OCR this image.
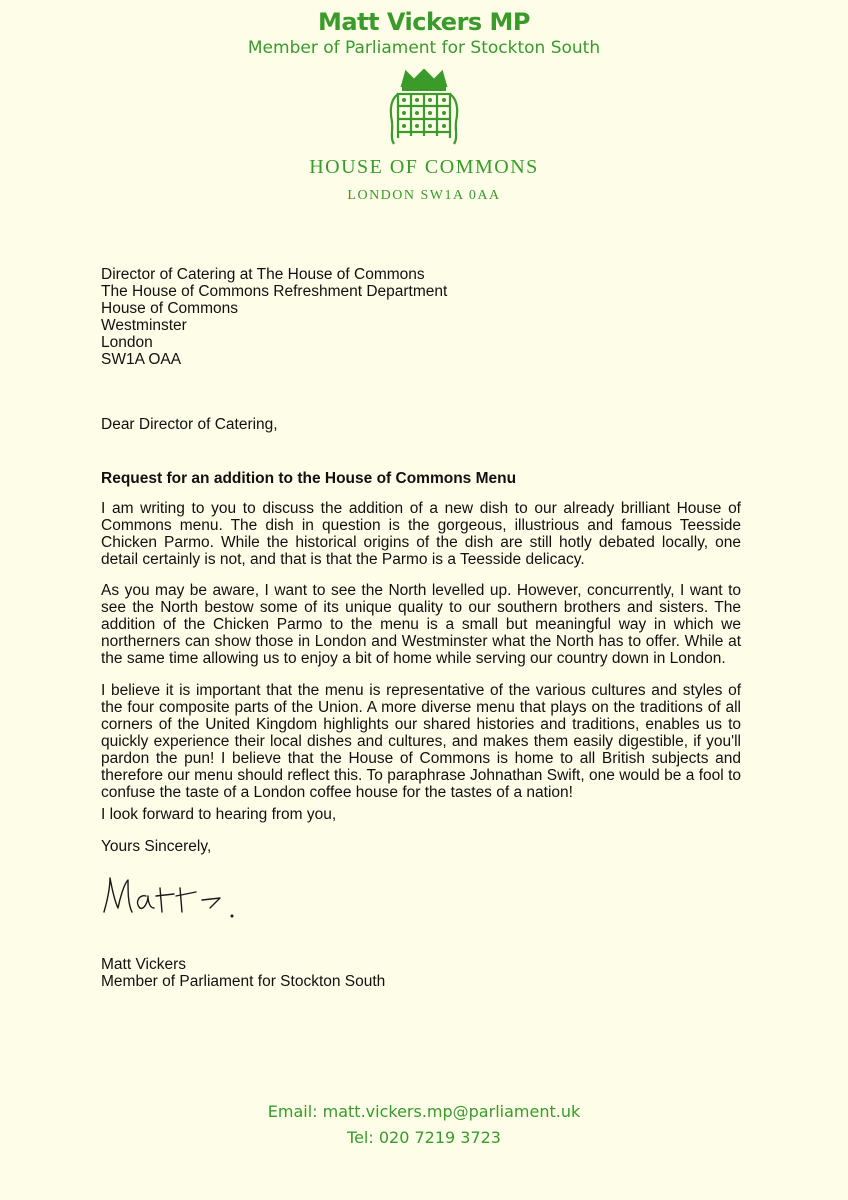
Matt Vickers MP
Member of Parliament for Stockton South
HOUSE OF COMMONS
LONDON SW1A 0AA
Director of Catering at The House of Commons
The House of Commons Refreshment Department
House of Commons
Westminster
London
SW1A OAA
Dear Director of Catering,
Request for an addition to the House of Commons Menu
I am writing to you to discuss the addition of a new dish to our already brilliant House of Commons menu. The dish in question is the gorgeous, illustrious and famous Teesside Chicken Parmo. While the historical origins of the dish are still hotly debated locally, one detail certainly is not, and that is that the Parmo is a Teesside delicacy.
As you may be aware, I want to see the North levelled up. However, concurrently, I want to see the North bestow some of its unique quality to our southern brothers and sisters. The addition of the Chicken Parmo to the menu is a small but meaningful way in which we northerners can show those in London and Westminster what the North has to offer. While at the same time allowing us to enjoy a bit of home while serving our country down in London.
I believe it is important that the menu is representative of the various cultures and styles of the four composite parts of the Union. A more diverse menu that plays on the traditions of all corners of the United Kingdom highlights our shared histories and traditions, enables us to quickly experience their local dishes and cultures, and makes them easily digestible, if you'll pardon the pun! I believe that the House of Commons is home to all British subjects and therefore our menu should reflect this. To paraphrase Johnathan Swift, one would be a fool to confuse the taste of a London coffee house for the tastes of a nation!
I look forward to hearing from you,
Yours Sincerely,
Matt Vickers
Member of Parliament for Stockton South
Email: matt.vickers.mp@parliament.uk
Tel: 020 7219 3723
